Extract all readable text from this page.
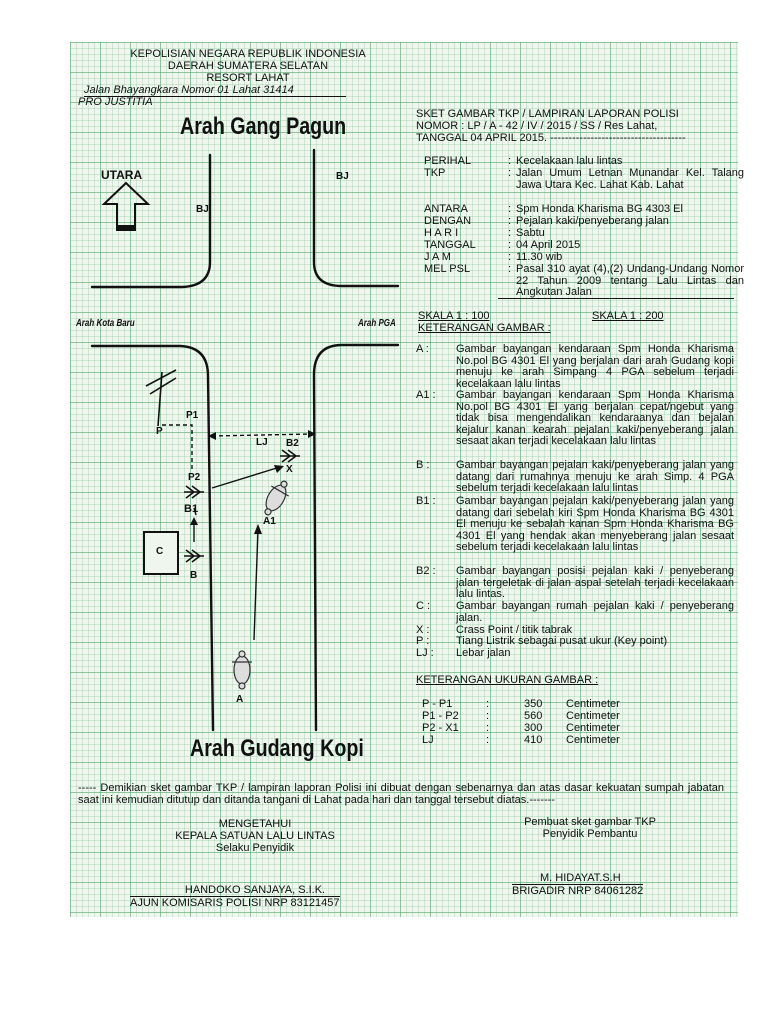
KEPOLISIAN NEGARA REPUBLIK INDONESIA
DAERAH SUMATERA SELATAN
RESORT LAHAT
Jalan Bhayangkara Nomor 01 Lahat 31414
PRO JUSTITIA
SKET GAMBAR TKP / LAMPIRAN LAPORAN POLISI
NOMOR : LP / A - 42 / IV / 2015 / SS / Res Lahat,
TANGGAL 04 APRIL 2015. -------------------------------------
PERIHAL	: Kecelakaan lalu lintas
TKP	: Jalan Umum Letnan Munandar Kel. Talang Jawa Utara Kec. Lahat Kab. Lahat
ANTARA	: Spm Honda Kharisma BG 4303 El
DENGAN	: Pejalan kaki/penyeberang jalan
H A R I	: Sabtu
TANGGAL	: 04 April 2015
J A M	: 11.30 wib
MEL PSL	: Pasal 310 ayat (4),(2) Undang-Undang Nomor 22 Tahun 2009 tentang Lalu Lintas dan Angkutan Jalan
SKALA 1 : 100	SKALA 1 : 200
KETERANGAN GAMBAR :
A : Gambar bayangan kendaraan Spm Honda Kharisma No.pol BG 4301 El yang berjalan dari arah Gudang kopi menuju ke arah Simpang 4 PGA sebelum terjadi kecelakaan lalu lintas
A1 : Gambar bayangan kendaraan Spm Honda Kharisma No.pol BG 4301 El yang berjalan cepat/ngebut yang tidak bisa mengendalikan kendaraanya dan bejalan kejalur kanan kearah pejalan kaki/penyeberang jalan sesaat akan terjadi kecelakaan lalu lintas
B : Gambar bayangan pejalan kaki/penyeberang jalan yang datang dari rumahnya menuju ke arah Simp. 4 PGA sebelum terjadi kecelakaan lalu lintas
B1 : Gambar bayangan pejalan kaki/penyeberang jalan yang datang dari sebelah kiri Spm Honda Kharisma BG 4301 El menuju ke sebalah kanan Spm Honda Kharisma BG 4301 El yang hendak akan menyeberang jalan sesaat sebelum terjadi kecelakaan lalu lintas
B2 : Gambar bayangan posisi pejalan kaki / penyeberang jalan tergeletak di jalan aspal setelah terjadi kecelakaan lalu lintas.
C : Gambar bayangan rumah pejalan kaki / penyeberang jalan.
X : Crass Point / titik tabrak
P : Tiang Listrik sebagai pusat ukur (Key point)
LJ : Lebar jalan
KETERANGAN UKURAN GAMBAR :
P - P1	:	350 Centimeter
P1 - P2 :	560 Centimeter
P2 - X1 :	300 Centimeter
LJ	:	410 Centimeter
Arah Gang Pagun
Arah Gudang Kopi
Arah Kota Baru	Arah PGA
UTARA
BJ
BJ
P
P1
P2
LJ B2
X
B1
A1
C
B
A
----- Demikian sket gambar TKP / lampiran laporan Polisi ini dibuat dengan sebenarnya dan atas dasar kekuatan sumpah jabatan saat ini kemudian ditutup dan ditanda tangani di Lahat pada hari dan tanggal tersebut diatas.-------
MENGETAHUI
KEPALA SATUAN LALU LINTAS
Selaku Penyidik
HANDOKO SANJAYA, S.I.K.
AJUN KOMISARIS POLISI NRP 83121457
Pembuat sket gambar TKP
Penyidik Pembantu
M. HIDAYAT.S.H
BRIGADIR NRP 84061282
